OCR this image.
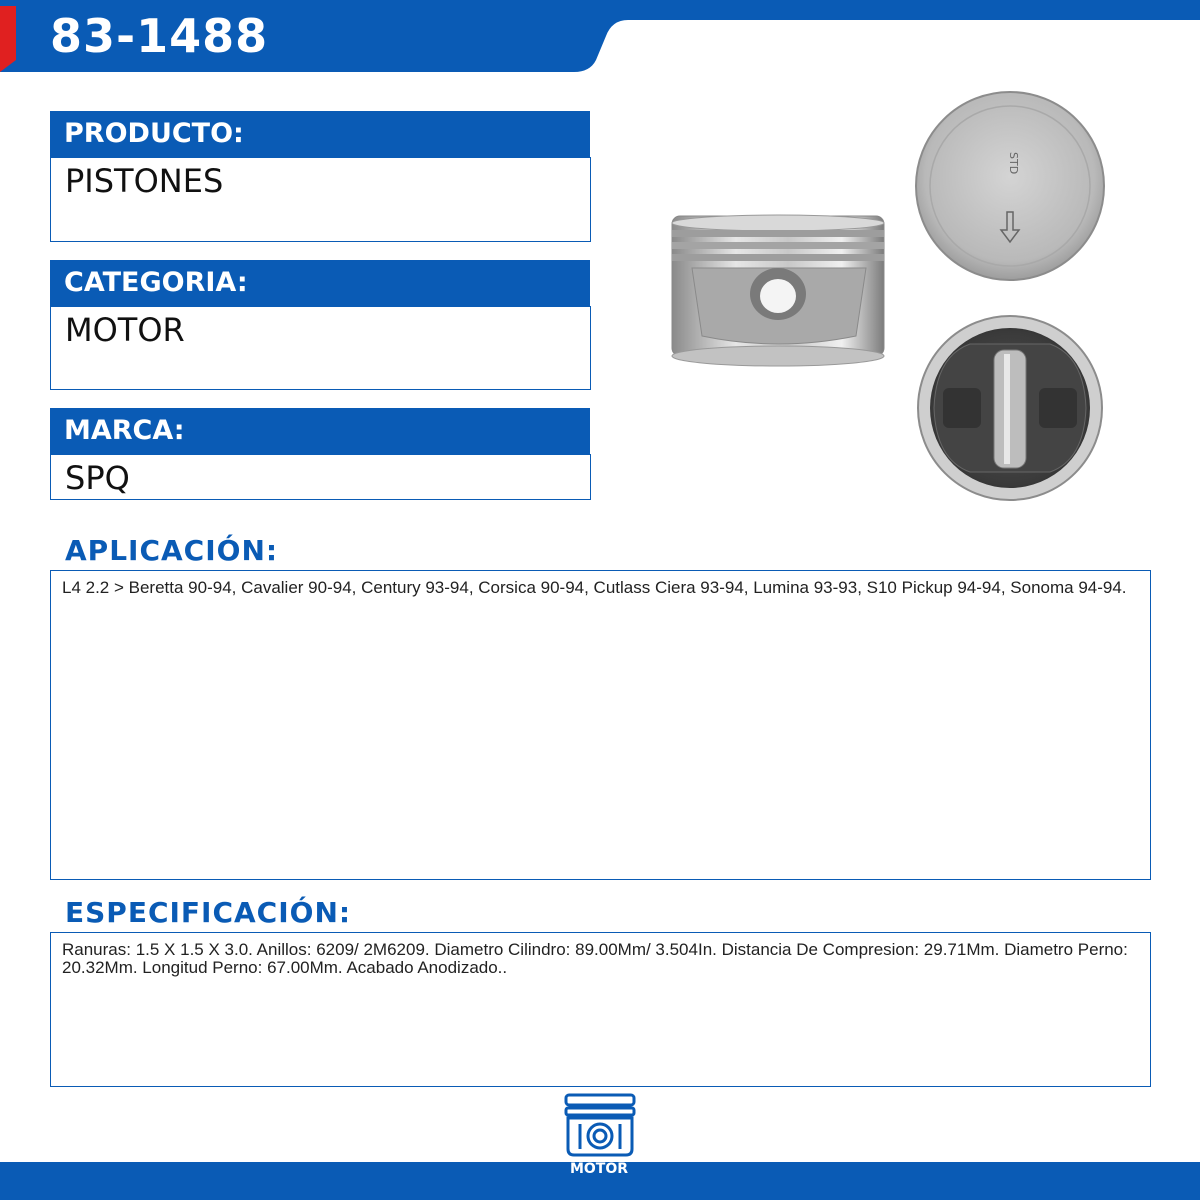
83-1488
PRODUCTO:
PISTONES
CATEGORIA:
MOTOR
MARCA:
SPQ
STD
APLICACIÓN:
L4 2.2 > Beretta 90-94, Cavalier 90-94, Century 93-94, Corsica 90-94, Cutlass Ciera 93-94, Lumina 93-93, S10 Pickup 94-94, Sonoma 94-94.
ESPECIFICACIÓN:
Ranuras: 1.5 X 1.5 X 3.0. Anillos: 6209/ 2M6209. Diametro Cilindro: 89.00Mm/ 3.504In. Distancia De Compresion: 29.71Mm. Diametro Perno: 20.32Mm. Longitud Perno: 67.00Mm. Acabado Anodizado..
MOTOR
